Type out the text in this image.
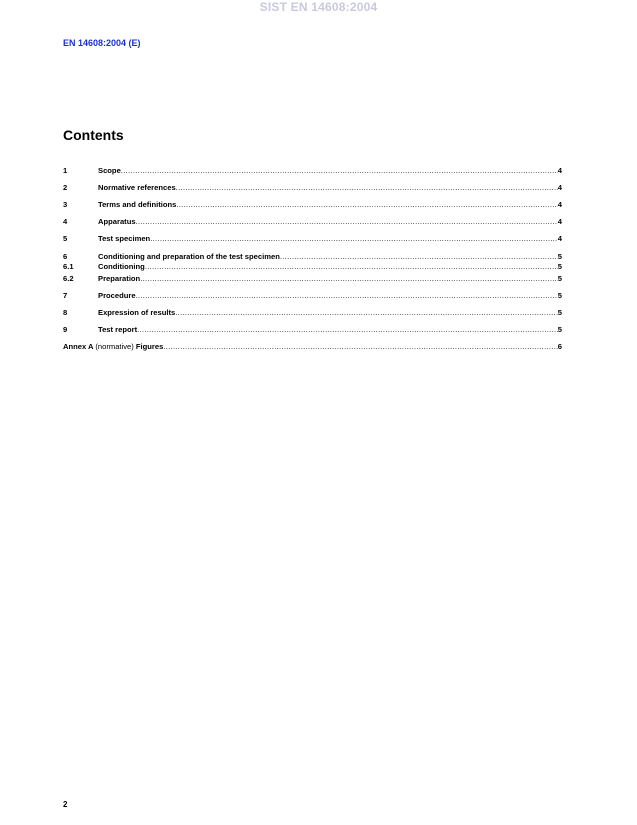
SIST EN 14608:2004
EN 14608:2004 (E)
Contents
1	Scope .....	4
2	Normative references .....	4
3	Terms and definitions .....	4
4	Apparatus .....	4
5	Test specimen .....	4
6	Conditioning and preparation of the test specimen .....	5
6.1	Conditioning .....	5
6.2	Preparation .....	5
7	Procedure .....	5
8	Expression of results .....	5
9	Test report .....	5
Annex A (normative) Figures .....	6
2
